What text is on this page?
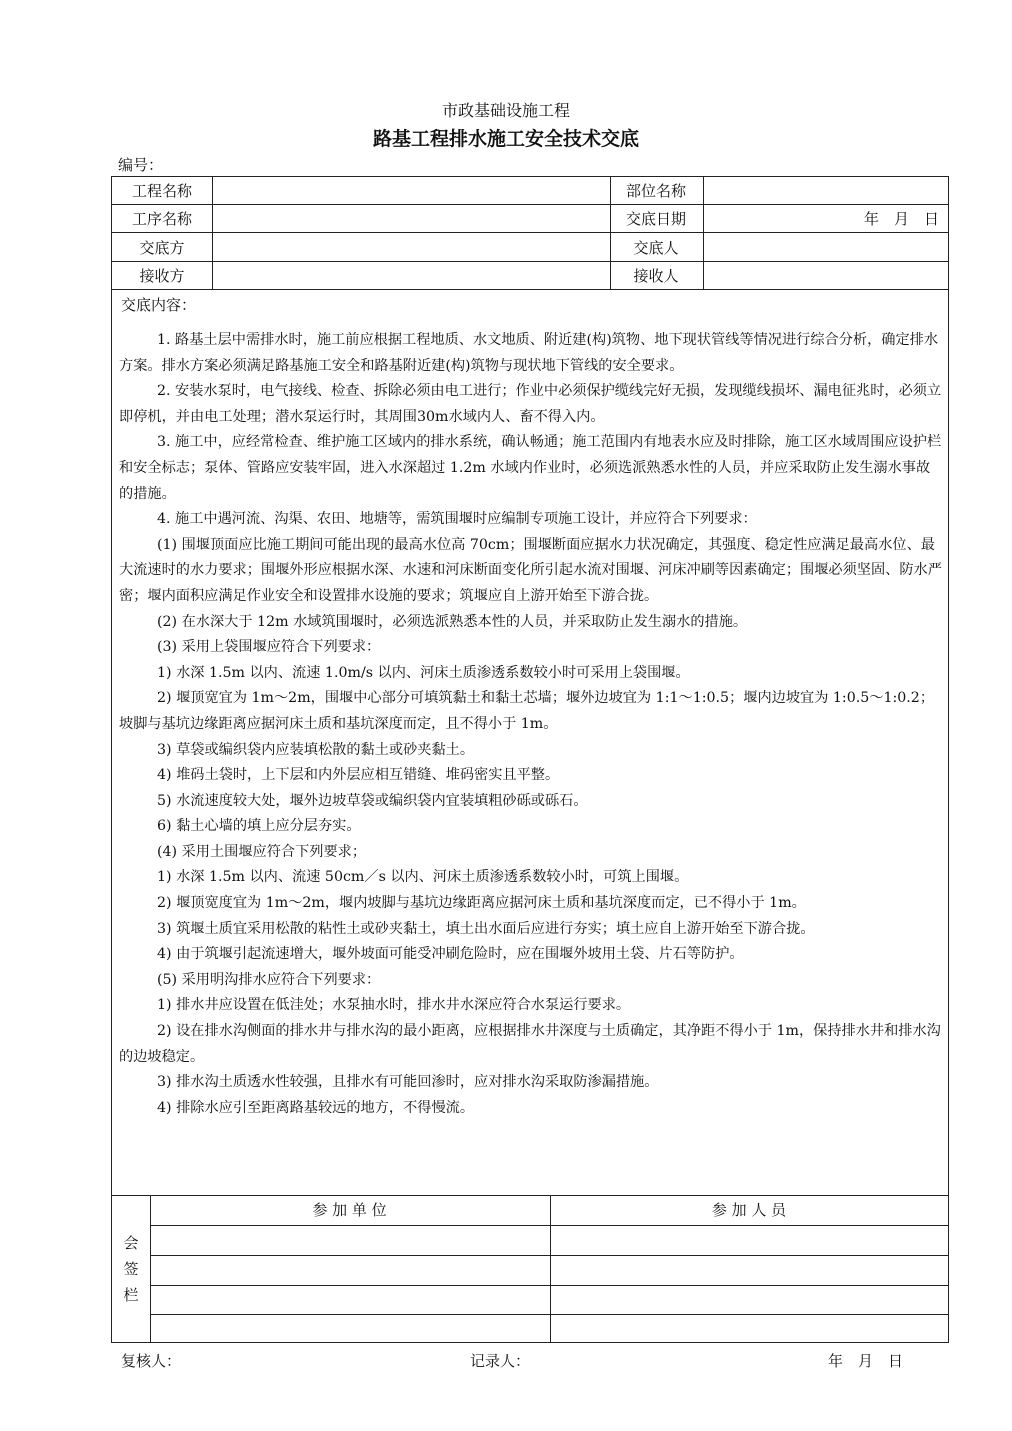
市政基础设施工程
路基工程排水施工安全技术交底
编号：
工程名称	部位名称
工序名称	交底日期	年　月　日
交底方	交底人
接收方	接收人
交底内容：

1. 路基土层中需排水时，施工前应根据工程地质、水文地质、附近建(构)筑物、地下现状管线等情况进行综合分析，确定排水方案。排水方案必须满足路基施工安全和路基附近建(构)筑物与现状地下管线的安全要求。

2. 安装水泵时，电气接线、检查、拆除必须由电工进行；作业中必须保护缆线完好无损，发现缆线损坏、漏电征兆时，必须立即停机，并由电工处理；潜水泵运行时，其周围30m水域内人、畜不得入内。

3. 施工中，应经常检查、维护施工区域内的排水系统，确认畅通；施工范围内有地表水应及时排除，施工区水域周围应设护栏和安全标志；泵体、管路应安装牢固，进入水深超过 1.2m 水域内作业时，必须选派熟悉水性的人员，并应采取防止发生溺水事故的措施。

4. 施工中遇河流、沟渠、农田、地塘等，需筑围堰时应编制专项施工设计，并应符合下列要求：

(1) 围堰顶面应比施工期间可能出现的最高水位高 70cm；围堰断面应据水力状况确定，其强度、稳定性应满足最高水位、最大流速时的水力要求；围堰外形应根据水深、水速和河床断面变化所引起水流对围堰、河床冲刷等因素确定；围堰必须坚固、防水严密；堰内面积应满足作业安全和设置排水设施的要求；筑堰应自上游开始至下游合拢。

(2) 在水深大于 12m 水域筑围堰时，必须选派熟悉本性的人员，并采取防止发生溺水的措施。

(3) 采用上袋围堰应符合下列要求：

1) 水深 1.5m 以内、流速 1.0m/s 以内、河床土质渗透系数较小时可采用上袋围堰。

2) 堰顶宽宜为 1m～2m，围堰中心部分可填筑黏土和黏土芯墙；堰外边坡宜为 1:1～1:0.5；堰内边坡宜为 1:0.5～1:0.2；坡脚与基坑边缘距离应据河床土质和基坑深度而定，且不得小于 1m。

3) 草袋或编织袋内应装填松散的黏土或砂夹黏土。

4) 堆码土袋时，上下层和内外层应相互错缝、堆码密实且平整。

5) 水流速度较大处，堰外边坡草袋或编织袋内宜装填粗砂砾或砾石。

6) 黏土心墙的填上应分层夯实。

(4) 采用土围堰应符合下列要求；

1) 水深 1.5m 以内、流速 50cm／s 以内、河床土质渗透系数较小时，可筑上围堰。

2) 堰顶宽度宜为 1m～2m，堰内坡脚与基坑边缘距离应据河床土质和基坑深度而定，已不得小于 1m。

3) 筑堰土质宜采用松散的粘性土或砂夹黏土，填土出水面后应进行夯实；填土应自上游开始至下游合拢。

4) 由于筑堰引起流速增大，堰外坡面可能受冲刷危险时，应在围堰外坡用土袋、片石等防护。

(5) 采用明沟排水应符合下列要求：

1) 排水井应设置在低洼处；水泵抽水时，排水井水深应符合水泵运行要求。

2) 设在排水沟侧面的排水井与排水沟的最小距离，应根据排水井深度与土质确定，其净距不得小于 1m，保持排水井和排水沟的边坡稳定。

3) 排水沟土质透水性较强，且排水有可能回渗时，应对排水沟采取防渗漏措施。

4) 排除水应引至距离路基较远的地方，不得慢流。

会
签
栏
参 加 单 位	参 加 人 员
复核人：	记录人：	年　月　日
